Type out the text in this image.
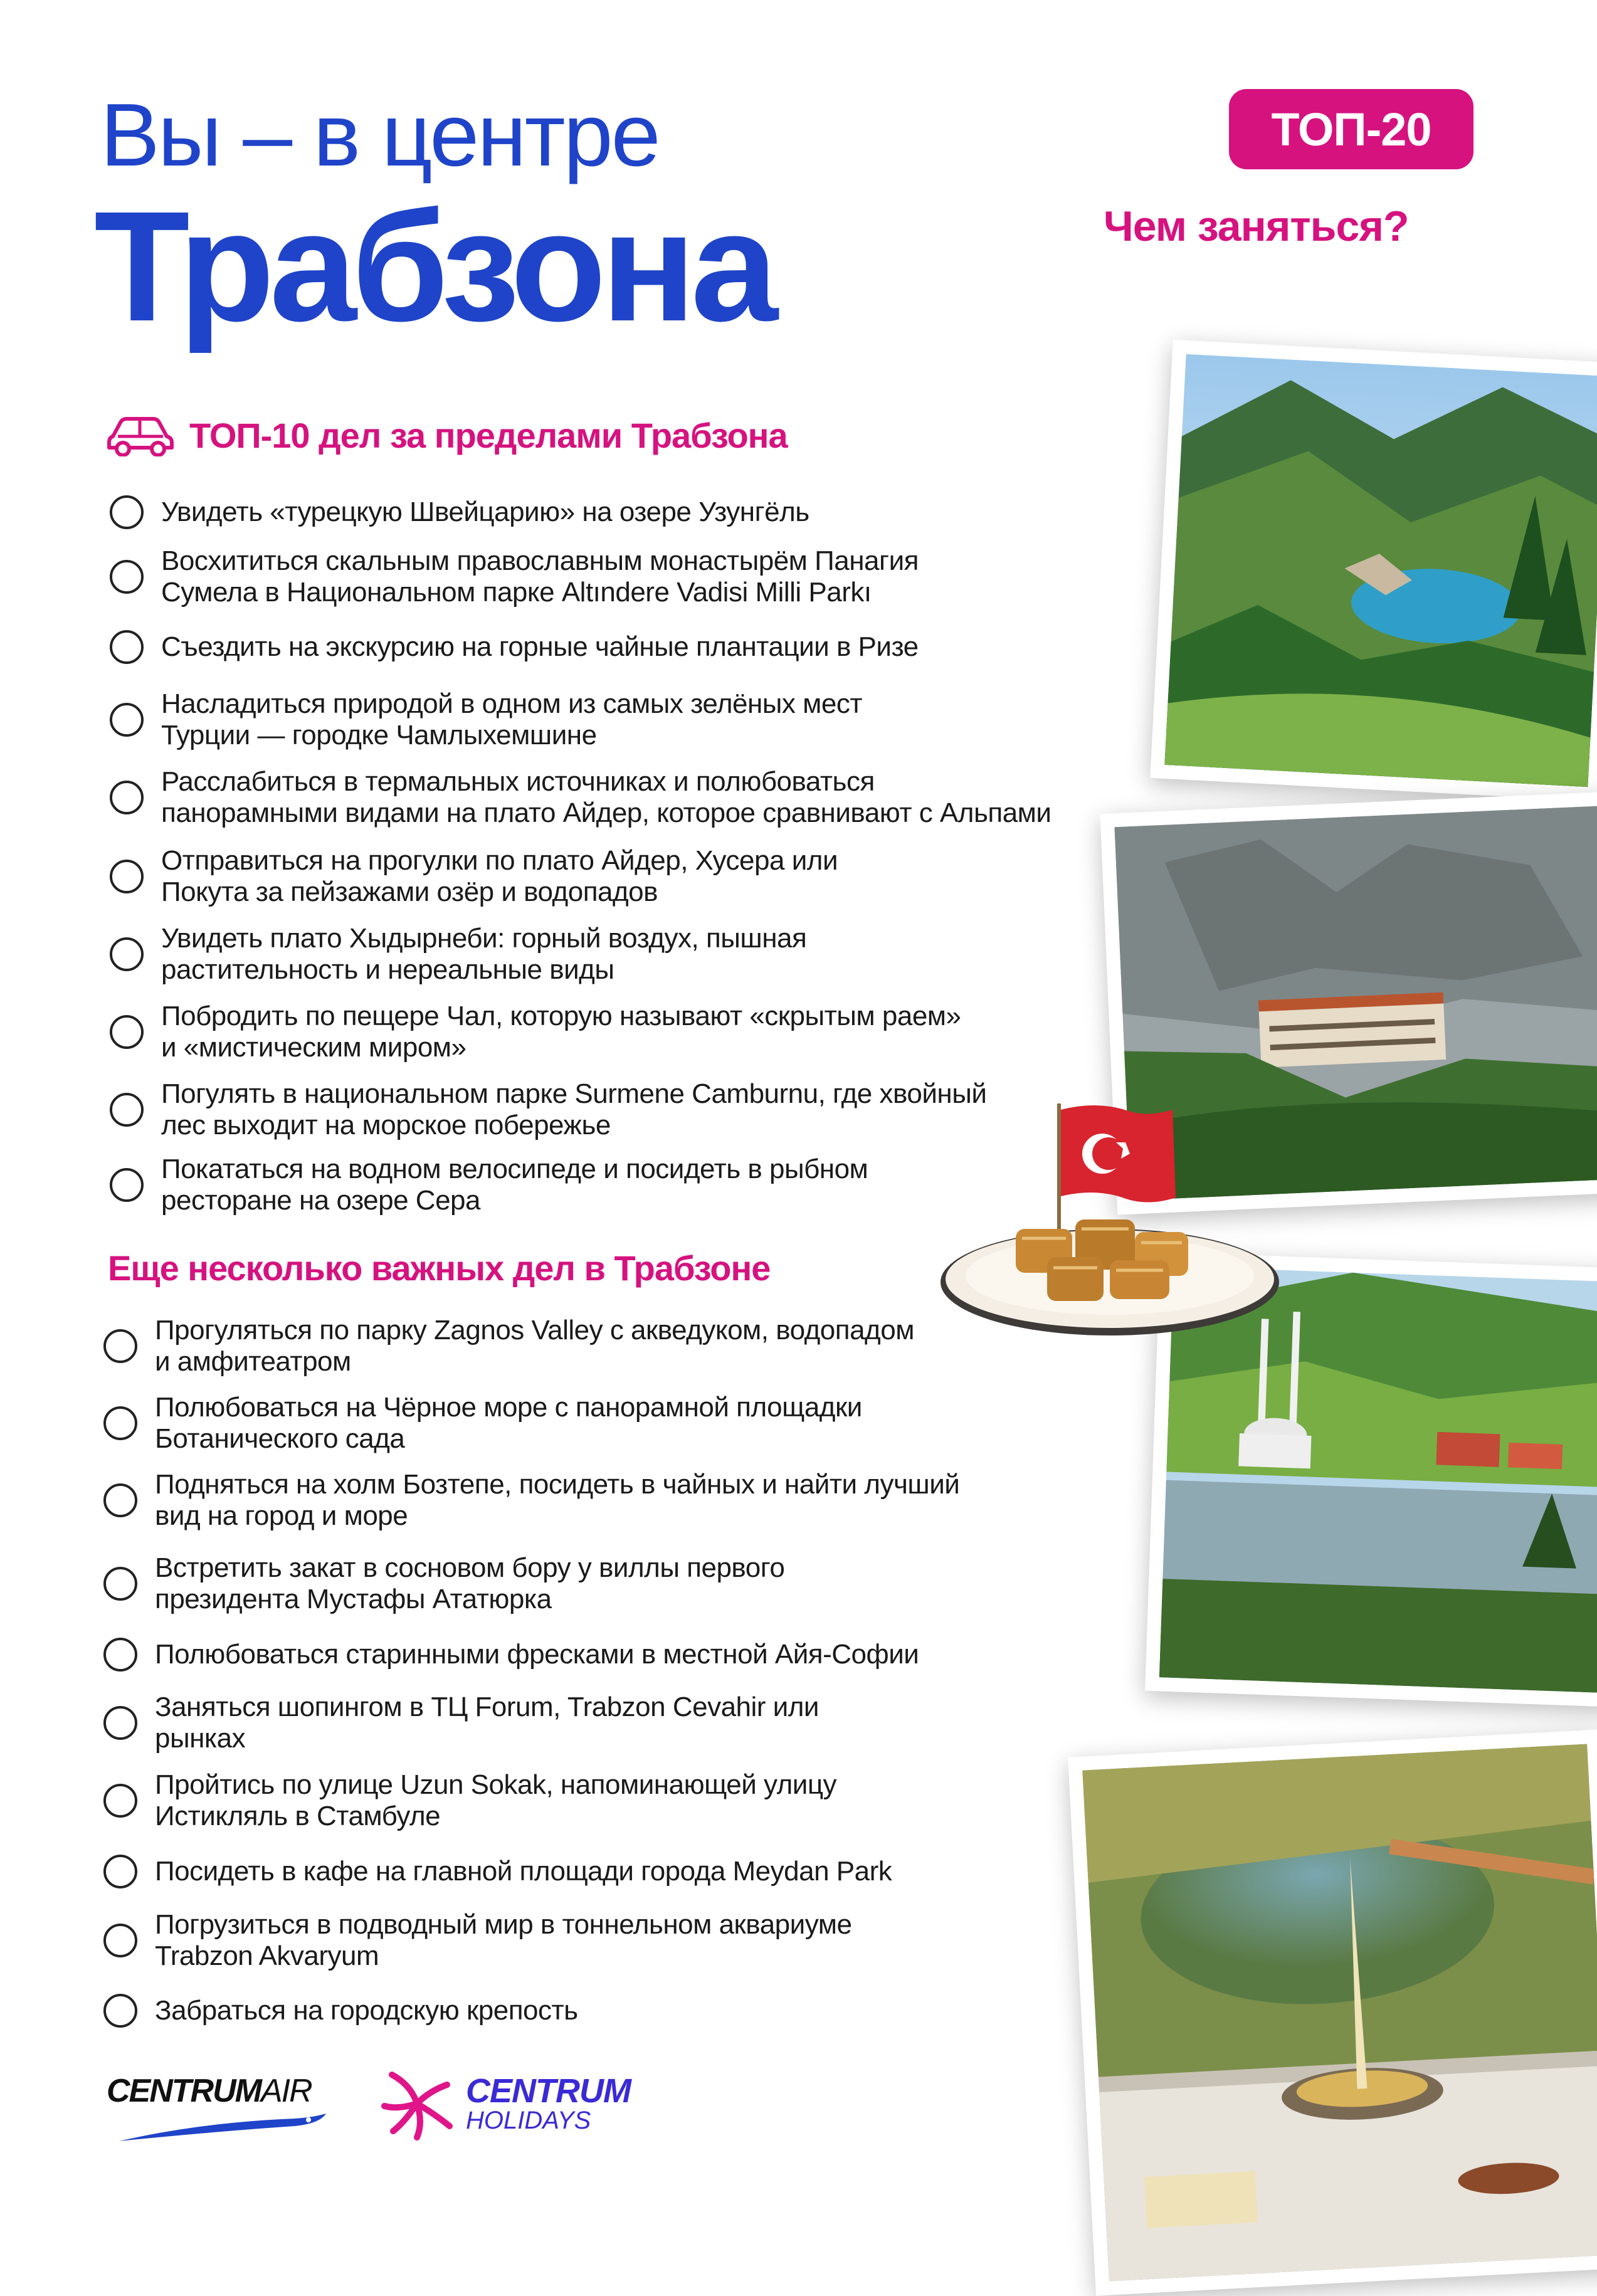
Вы – в центре
Трабзона
ТОП-20
Чем заняться?
ТОП-10 дел за пределами Трабзона
Увидеть «турецкую Швейцарию» на озере Узунгёль
Восхититься скальным православным монастырём Панагия
Сумела в Национальном парке Altındere Vadisi Milli Parkı
Съездить на экскурсию на горные чайные плантации в Ризе
Насладиться природой в одном из самых зелёных мест
Турции — городке Чамлыхемшине
Расслабиться в термальных источниках и полюбоваться
панорамными видами на плато Айдер, которое сравнивают с Альпами
Отправиться на прогулки по плато Айдер, Хусера или
Покута за пейзажами озёр и водопадов
Увидеть плато Хыдырнеби: горный воздух, пышная
растительность и нереальные виды
Побродить по пещере Чал, которую называют «скрытым раем»
и «мистическим миром»
Погулять в национальном парке Surmene Camburnu, где хвойный
лес выходит на морское побережье
Покататься на водном велосипеде и посидеть в рыбном
ресторане на озере Сера
Еще несколько важных дел в Трабзоне
Прогуляться по парку Zagnos Valley с акведуком, водопадом
и амфитеатром
Полюбоваться на Чёрное море с панорамной площадки
Ботанического сада
Подняться на холм Бозтепе, посидеть в чайных и найти лучший
вид на город и море
Встретить закат в сосновом бору у виллы первого
президента Мустафы Ататюрка
Полюбоваться старинными фресками в местной Айя-Софии
Заняться шопингом в ТЦ Forum, Trabzon Cevahir или
рынках
Пройтись по улице Uzun Sokak, напоминающей улицу
Истикляль в Стамбуле
Посидеть в кафе на главной площади города Meydan Park
Погрузиться в подводный мир в тоннельном аквариуме
Trabzon Akvaryum
Забраться на городскую крепость
CENTRUMAIR	CENTRUM
HOLIDAYS
